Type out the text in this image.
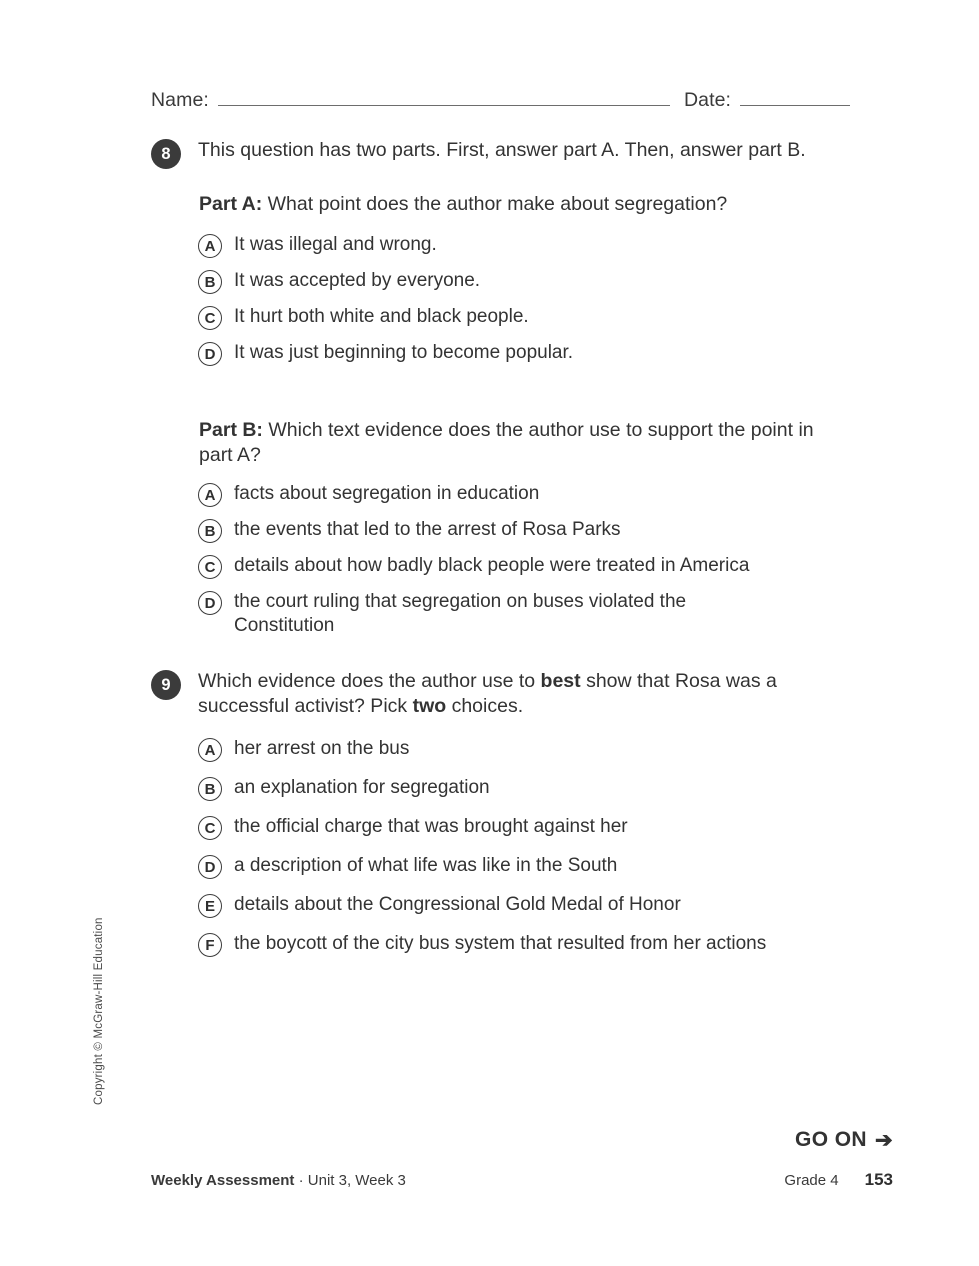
Name:	Date:
8	This question has two parts. First, answer part A. Then, answer part B.
Part A: What point does the author make about segregation?
A It was illegal and wrong.
B It was accepted by everyone.
C It hurt both white and black people.
D It was just beginning to become popular.
Part B: Which text evidence does the author use to support the point in part A?
A facts about segregation in education
B the events that led to the arrest of Rosa Parks
C details about how badly black people were treated in America
D the court ruling that segregation on buses violated the Constitution
9	Which evidence does the author use to best show that Rosa was a successful activist? Pick two choices.
A her arrest on the bus
B an explanation for segregation
C the official charge that was brought against her
D a description of what life was like in the South
E	details about the Congressional Gold Medal of Honor
F	the boycott of the city bus system that resulted from her actions
Copyright © McGraw-Hill Education
GO ON ➔
Weekly Assessment · Unit 3, Week 3	Grade 4 153
